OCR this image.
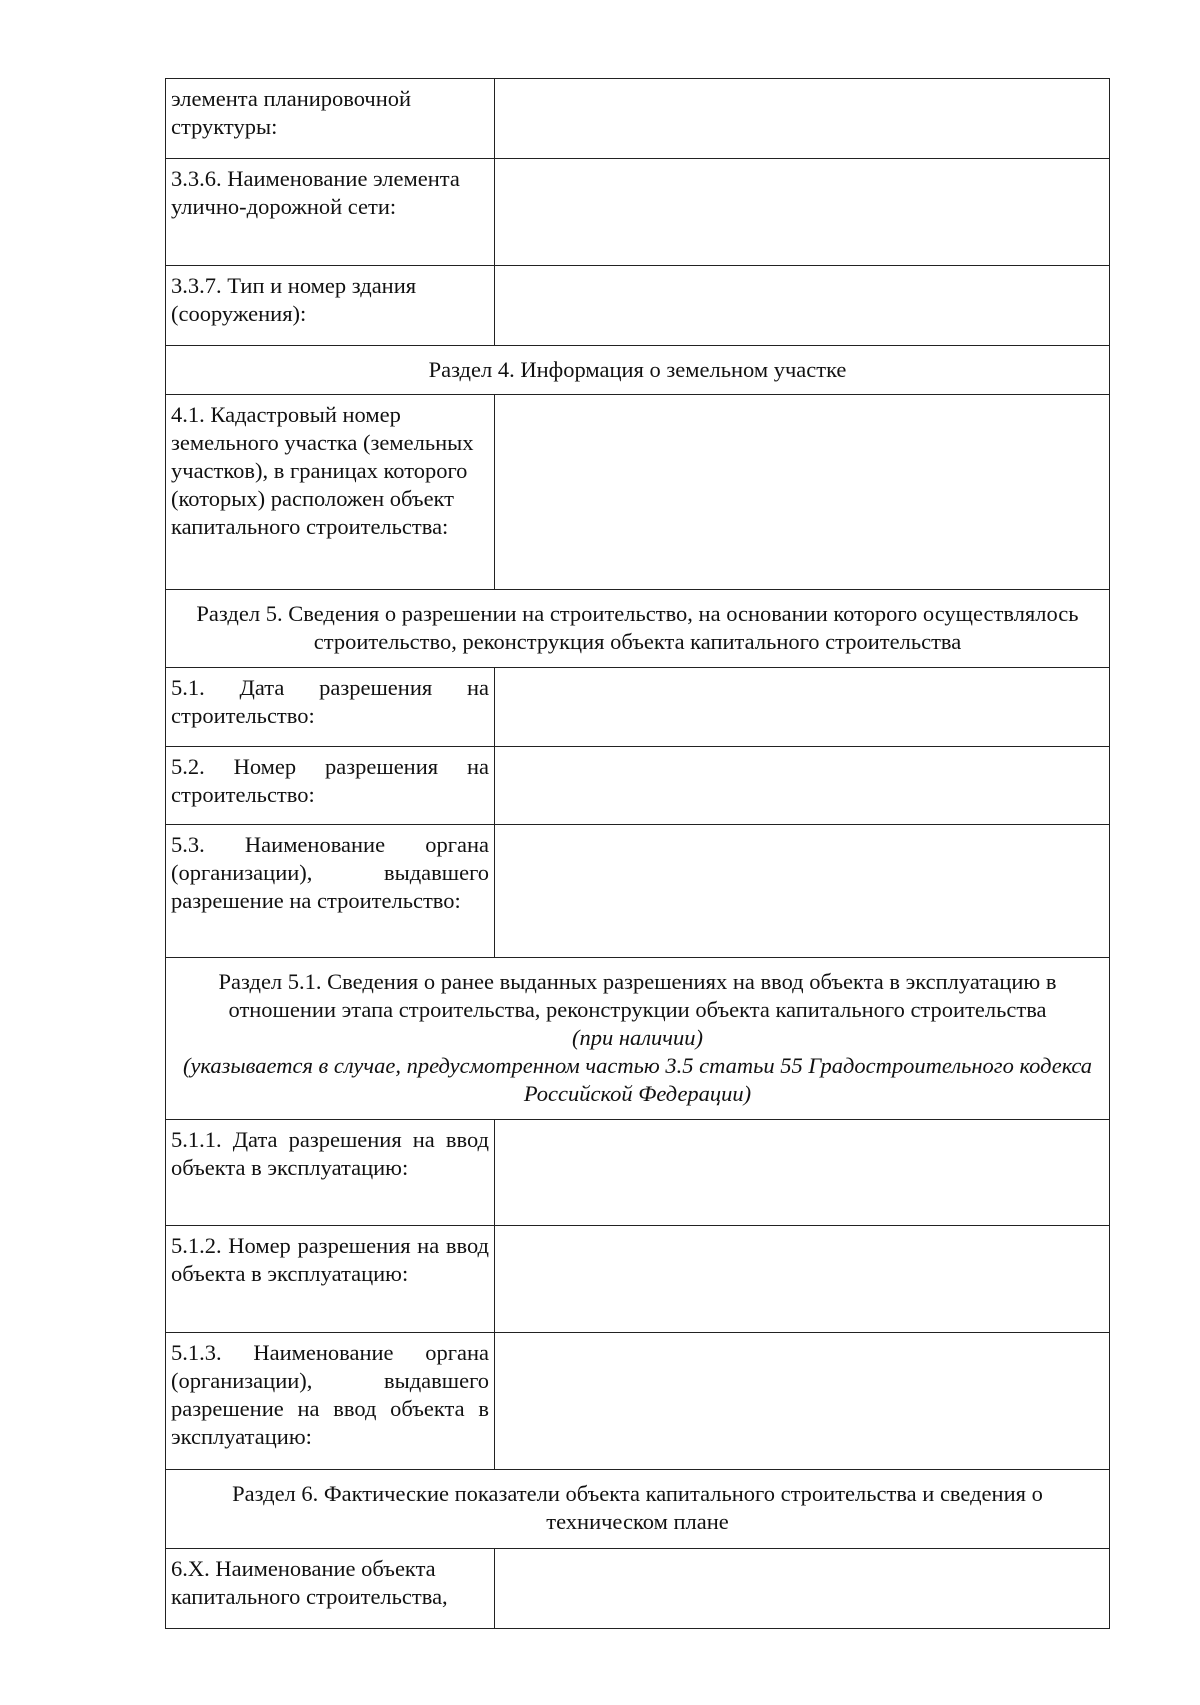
элемента планировочной структуры:	
3.3.6. Наименование элемента улично-дорожной сети:	
3.3.7. Тип и номер здания (сооружения):	
Раздел 4. Информация о земельном участке	
4.1. Кадастровый номер земельного участка (земельных участков), в границах которого (которых) расположен объект капитального строительства:	
Раздел 5. Сведения о разрешении на строительство, на основании которого осуществлялось строительство, реконструкция объекта капитального строительства	
5.1. Дата разрешения на строительство:	
5.2. Номер разрешения на строительство:	
5.3. Наименование органа (организации), выдавшего разрешение на строительство:	

Раздел 5.1. Сведения о ранее выданных разрешениях на ввод объекта в эксплуатацию в отношении этапа строительства, реконструкции объекта капитального строительства
(при наличии)
(указывается в случае, предусмотренном частью 3.5 статьи 55 Градостроительного кодекса Российской Федерации)	

5.1.1. Дата разрешения на ввод объекта в эксплуатацию:	
5.1.2. Номер разрешения на ввод объекта в эксплуатацию:	
5.1.3. Наименование органа (организации), выдавшего разрешение на ввод объекта в эксплуатацию:	
Раздел 6. Фактические показатели объекта капитального строительства и сведения о техническом плане	
6.X. Наименование объекта капитального строительства,	
